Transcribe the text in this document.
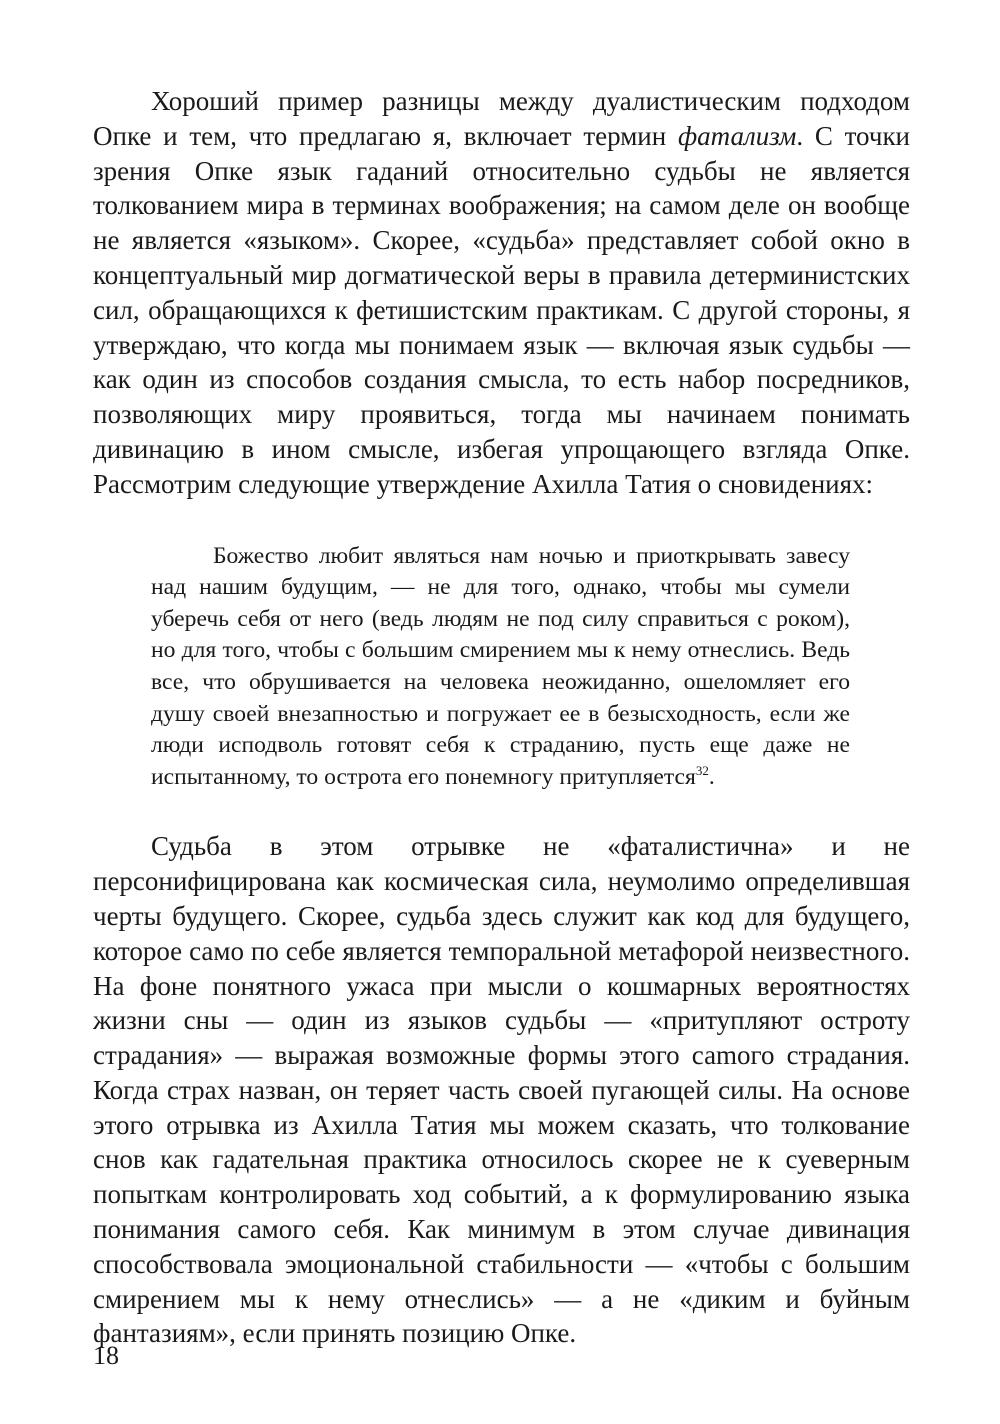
Хороший пример разницы между дуалистическим подходом Опке и тем, что предлагаю я, включает термин фатализм. С точки зрения Опке язык гаданий относительно судьбы не является толкованием мира в терминах воображения; на самом деле он вообще не является «языком». Скорее, «судьба» представляет собой окно в концептуальный мир догматической веры в правила детерминистских сил, обращающихся к фетишистским практикам. С другой стороны, я утверждаю, что когда мы понимаем язык — включая язык судьбы — как один из способов создания смысла, то есть набор посредников, позволяющих миру проявиться, тогда мы начинаем понимать дивинацию в ином смысле, избегая упрощающего взгляда Опке. Рассмотрим следующие утверждение Ахилла Татия о сновидениях:

Божество любит являться нам ночью и приоткрывать завесу над нашим будущим, — не для того, однако, чтобы мы сумели уберечь себя от него (ведь людям не под силу справиться с роком), но для того, чтобы с большим смирением мы к нему отнеслись. Ведь все, что обрушивается на человека неожиданно, ошеломляет его душу своей внезапностью и погружает ее в безысходность, если же люди исподволь готовят себя к страданию, пусть еще даже не испытанному, то острота его понемногу притупляется$^{32}$.

Судьба в этом отрывке не «фаталистична» и не персонифицирована как космическая сила, неумолимо определившая черты будущего. Скорее, судьба здесь служит как код для будущего, которое само по себе является темпоральной метафорой неизвестного. На фоне понятного ужаса при мысли о кошмарных вероятностях жизни сны — один из языков судьбы — «притупляют остроту страдания» — выражая возможные формы этого саmого страдания. Когда страх назван, он теряет часть своей пугающей силы. На основе этого отрывка из Ахилла Татия мы можем сказать, что толкование снов как гадательная практика относилось скорее не к суеверным попыткам контролировать ход событий, а к формулированию языка понимания самого себя. Как минимум в этом случае дивинация способствовала эмоциональной стабильности — «чтобы с большим смирением мы к нему отнеслись» — а не «диким и буйным фантазиям», если принять позицию Опке.

18
